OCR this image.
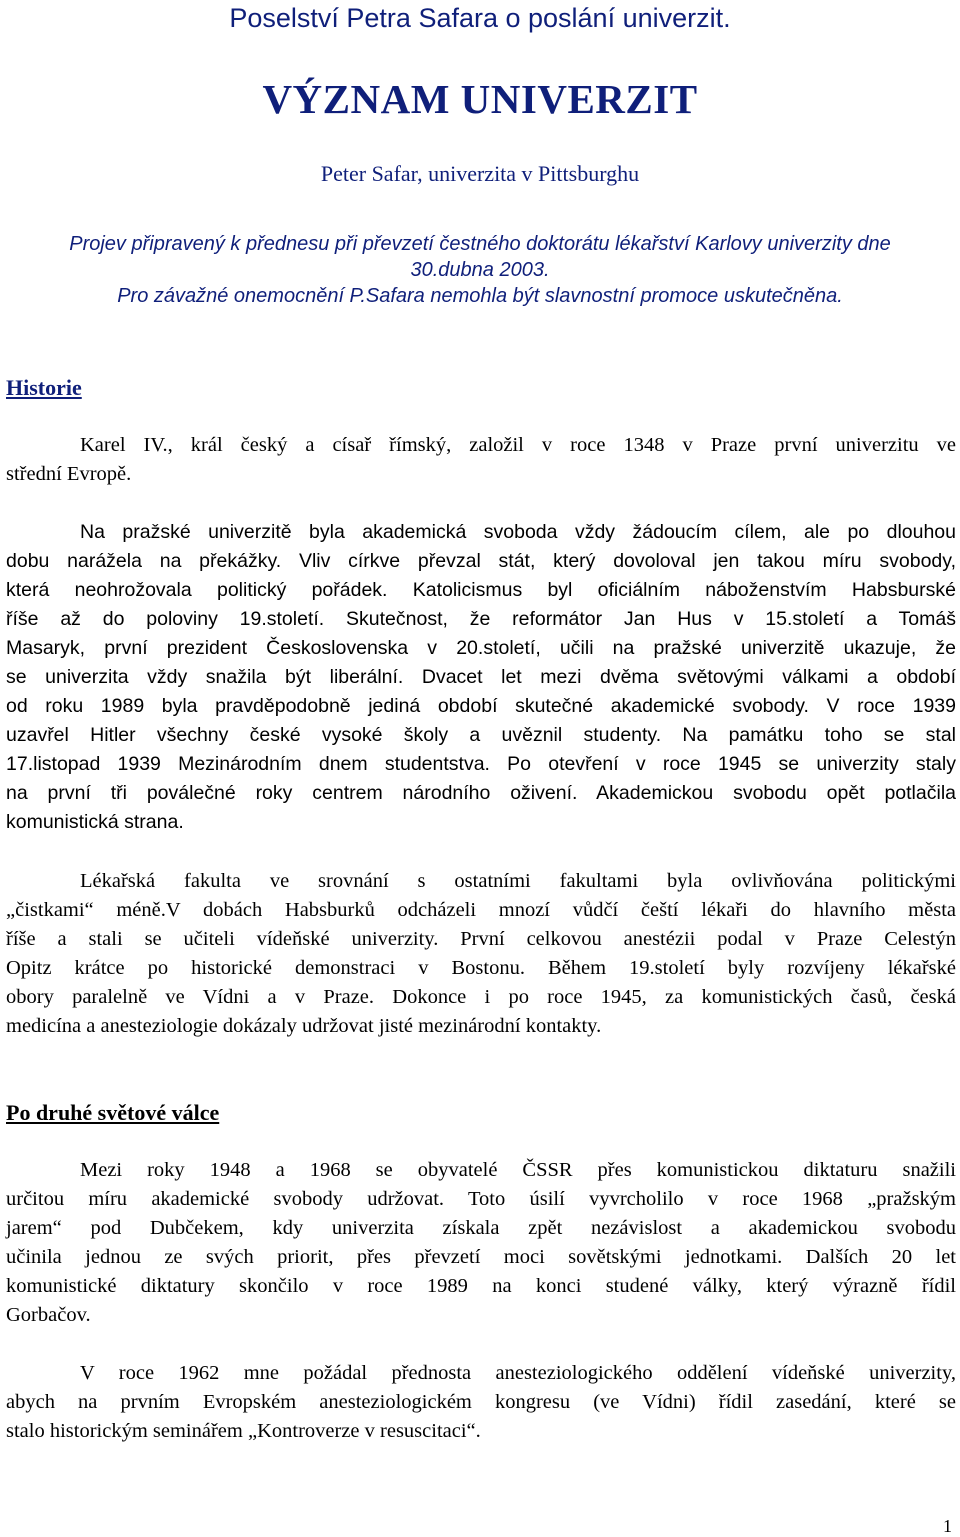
Poselství Petra Safara o poslání univerzit.
VÝZNAM UNIVERZIT
Peter Safar, univerzita v Pittsburghu
Projev připravený k přednesu při převzetí čestného doktorátu lékařství Karlovy univerzity dne
30.dubna 2003.
Pro závažné onemocnění P.Safara nemohla být slavnostní promoce uskutečněna.
Historie
Karel IV., král český a císař římský, založil v roce 1348 v Praze první univerzitu ve
střední Evropě.
Na pražské univerzitě byla akademická svoboda vždy žádoucím cílem, ale po dlouhou
dobu narážela na překážky. Vliv církve převzal stát, který dovoloval jen takou míru svobody,
která neohrožovala politický pořádek. Katolicismus byl oficiálním náboženstvím Habsburské
říše až do poloviny 19.století. Skutečnost, že reformátor Jan Hus v 15.století a Tomáš
Masaryk, první prezident Československa v 20.století, učili na pražské univerzitě ukazuje, že
se univerzita vždy snažila být liberální. Dvacet let mezi dvěma světovými válkami a období
od roku 1989 byla pravděpodobně jediná období skutečné akademické svobody. V roce 1939
uzavřel Hitler všechny české vysoké školy a uvěznil studenty. Na památku toho se stal
17.listopad 1939 Mezinárodním dnem studentstva. Po otevření v roce 1945 se univerzity staly
na první tři poválečné roky centrem národního oživení. Akademickou svobodu opět potlačila
komunistická strana.
Lékařská fakulta ve srovnání s ostatními fakultami byla ovlivňována politickými
„čistkami“ méně.V dobách Habsburků odcházeli mnozí vůdčí čeští lékaři do hlavního města
říše a stali se učiteli vídeňské univerzity. První celkovou anestézii podal v Praze Celestýn
Opitz krátce po historické demonstraci v Bostonu. Během 19.století byly rozvíjeny lékařské
obory paralelně ve Vídni a v Praze. Dokonce i po roce 1945, za komunistických časů, česká
medicína a anesteziologie dokázaly udržovat jisté mezinárodní kontakty.
Po druhé světové válce
Mezi roky 1948 a 1968 se obyvatelé ČSSR přes komunistickou diktaturu snažili
určitou míru akademické svobody udržovat. Toto úsilí vyvrcholilo v roce 1968 „pražským
jarem“ pod Dubčekem, kdy univerzita získala zpět nezávislost a akademickou svobodu
učinila jednou ze svých priorit, přes převzetí moci sovětskými jednotkami. Dalších 20 let
komunistické diktatury skončilo v roce 1989 na konci studené války, který výrazně řídil
Gorbačov.
V roce 1962 mne požádal přednosta anesteziologického oddělení vídeňské univerzity,
abych na prvním Evropském anesteziologickém kongresu (ve Vídni) řídil zasedání, které se
stalo historickým seminářem „Kontroverze v resuscitaci“.
1
